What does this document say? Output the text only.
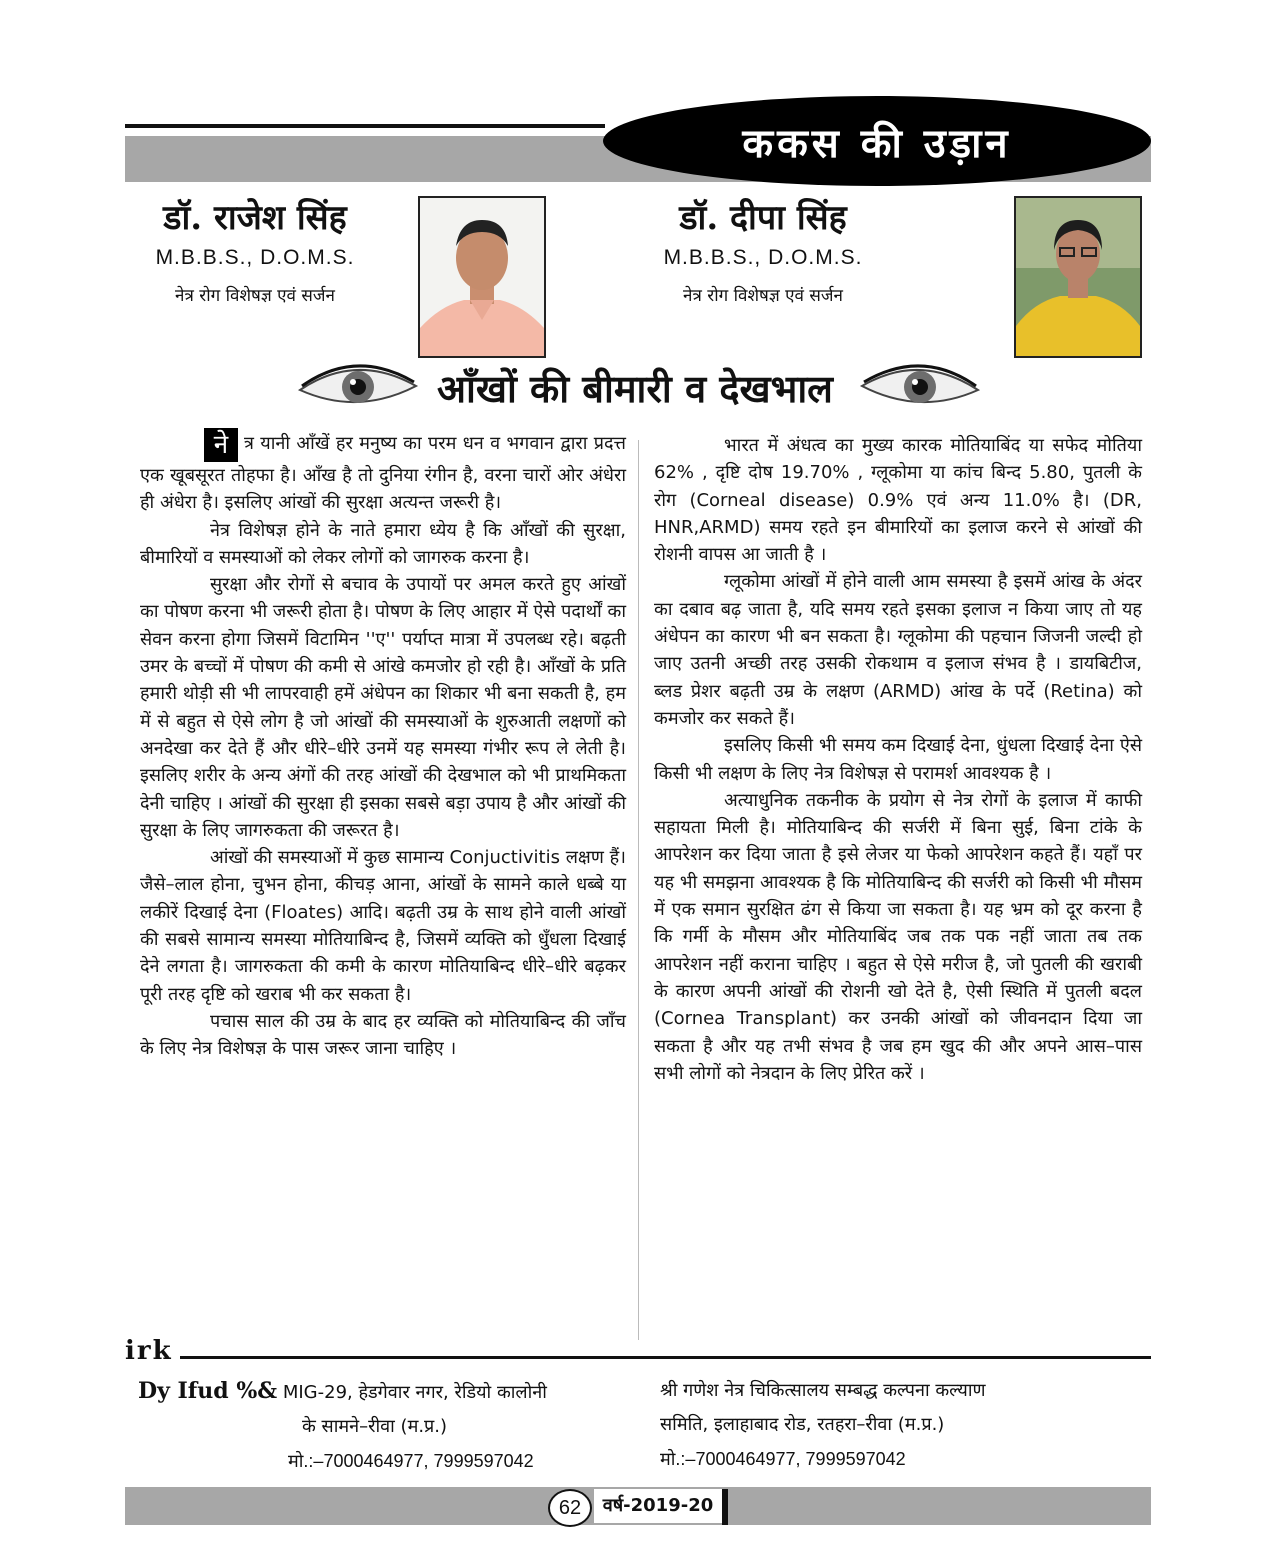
ककस की उड़ान
डॉ. राजेश सिंह
M.B.B.S., D.O.M.S.
नेत्र रोग विशेषज्ञ एवं सर्जन
डॉ. दीपा सिंह
M.B.B.S., D.O.M.S.
नेत्र रोग विशेषज्ञ एवं सर्जन
आँखों की बीमारी व देखभाल

ने त्र यानी आँखें हर मनुष्य का परम धन व भगवान द्वारा प्रदत्त एक खूबसूरत तोहफा है। आँख है तो दुनिया रंगीन है, वरना चारों ओर अंधेरा ही अंधेरा है। इसलिए आंखों की सुरक्षा अत्यन्त जरूरी है।

नेत्र विशेषज्ञ होने के नाते हमारा ध्येय है कि आँखों की सुरक्षा, बीमारियों व समस्याओं को लेकर लोगों को जागरुक करना है।

सुरक्षा और रोगों से बचाव के उपायों पर अमल करते हुए आंखों का पोषण करना भी जरूरी होता है। पोषण के लिए आहार में ऐसे पदार्थों का सेवन करना होगा जिसमें विटामिन ''ए'' पर्याप्त मात्रा में उपलब्ध रहे। बढ़ती उमर के बच्चों में पोषण की कमी से आंखे कमजोर हो रही है। आँखों के प्रति हमारी थोड़ी सी भी लापरवाही हमें अंधेपन का शिकार भी बना सकती है, हम में से बहुत से ऐसे लोग है जो आंखों की समस्याओं के शुरुआती लक्षणों को अनदेखा कर देते हैं और धीरे–धीरे उनमें यह समस्या गंभीर रूप ले लेती है। इसलिए शरीर के अन्य अंगों की तरह आंखों की देखभाल को भी प्राथमिकता देनी चाहिए । आंखों की सुरक्षा ही इसका सबसे बड़ा उपाय है और आंखों की सुरक्षा के लिए जागरुकता की जरूरत है।

आंखों की समस्याओं में कुछ सामान्य Conjuctivitis लक्षण हैं। जैसे–लाल होना, चुभन होना, कीचड़ आना, आंखों के सामने काले धब्बे या लकीरें दिखाई देना (Floates) आदि। बढ़ती उम्र के साथ होने वाली आंखों की सबसे सामान्य समस्या मोतियाबिन्द है, जिसमें व्यक्ति को धुँधला दिखाई देने लगता है। जागरुकता की कमी के कारण मोतियाबिन्द धीरे–धीरे बढ़कर पूरी तरह दृष्टि को खराब भी कर सकता है।

पचास साल की उम्र के बाद हर व्यक्ति को मोतियाबिन्द की जाँच के लिए नेत्र विशेषज्ञ के पास जरूर जाना चाहिए ।

भारत में अंधत्व का मुख्य कारक मोतियाबिंद या सफेद मोतिया 62% , दृष्टि दोष 19.70% , ग्लूकोमा या कांच बिन्द 5.80, पुतली के रोग (Corneal disease) 0.9% एवं अन्य 11.0% है। (DR, HNR,ARMD) समय रहते इन बीमारियों का इलाज करने से आंखों की रोशनी वापस आ जाती है ।

ग्लूकोमा आंखों में होने वाली आम समस्या है इसमें आंख के अंदर का दबाव बढ़ जाता है, यदि समय रहते इसका इलाज न किया जाए तो यह अंधेपन का कारण भी बन सकता है। ग्लूकोमा की पहचान जिजनी जल्दी हो जाए उतनी अच्छी तरह उसकी रोकथाम व इलाज संभव है । डायबिटीज, ब्लड प्रेशर बढ़ती उम्र के लक्षण (ARMD) आंख के पर्दे (Retina) को कमजोर कर सकते हैं।

इसलिए किसी भी समय कम दिखाई देना, धुंधला दिखाई देना ऐसे किसी भी लक्षण के लिए नेत्र विशेषज्ञ से परामर्श आवश्यक है ।

अत्याधुनिक तकनीक के प्रयोग से नेत्र रोगों के इलाज में काफी सहायता मिली है। मोतियाबिन्द की सर्जरी में बिना सुई, बिना टांके के आपरेशन कर दिया जाता है इसे लेजर या फेको आपरेशन कहते हैं। यहाँ पर यह भी समझना आवश्यक है कि मोतियाबिन्द की सर्जरी को किसी भी मौसम में एक समान सुरक्षित ढंग से किया जा सकता है। यह भ्रम को दूर करना है कि गर्मी के मौसम और मोतियाबिंद जब तक पक नहीं जाता तब तक आपरेशन नहीं कराना चाहिए । बहुत से ऐसे मरीज है, जो पुतली की खराबी के कारण अपनी आंखों की रोशनी खो देते है, ऐसी स्थिति में पुतली बदल (Cornea Transplant) कर उनकी आंखों को जीवनदान दिया जा सकता है और यह तभी संभव है जब हम खुद की और अपने आस–पास सभी लोगों को नेत्रदान के लिए प्रेरित करें ।

irk
Dy Ifud %& MIG-29, हेडगेवार नगर, रेडियो कालोनी
के सामने–रीवा (म.प्र.)
मो.:–7000464977, 7999597042
श्री गणेश नेत्र चिकित्सालय सम्बद्ध कल्पना कल्याण
समिति, इलाहाबाद रोड, रतहरा–रीवा (म.प्र.)
मो.:–7000464977, 7999597042
62	वर्ष-2019-20
